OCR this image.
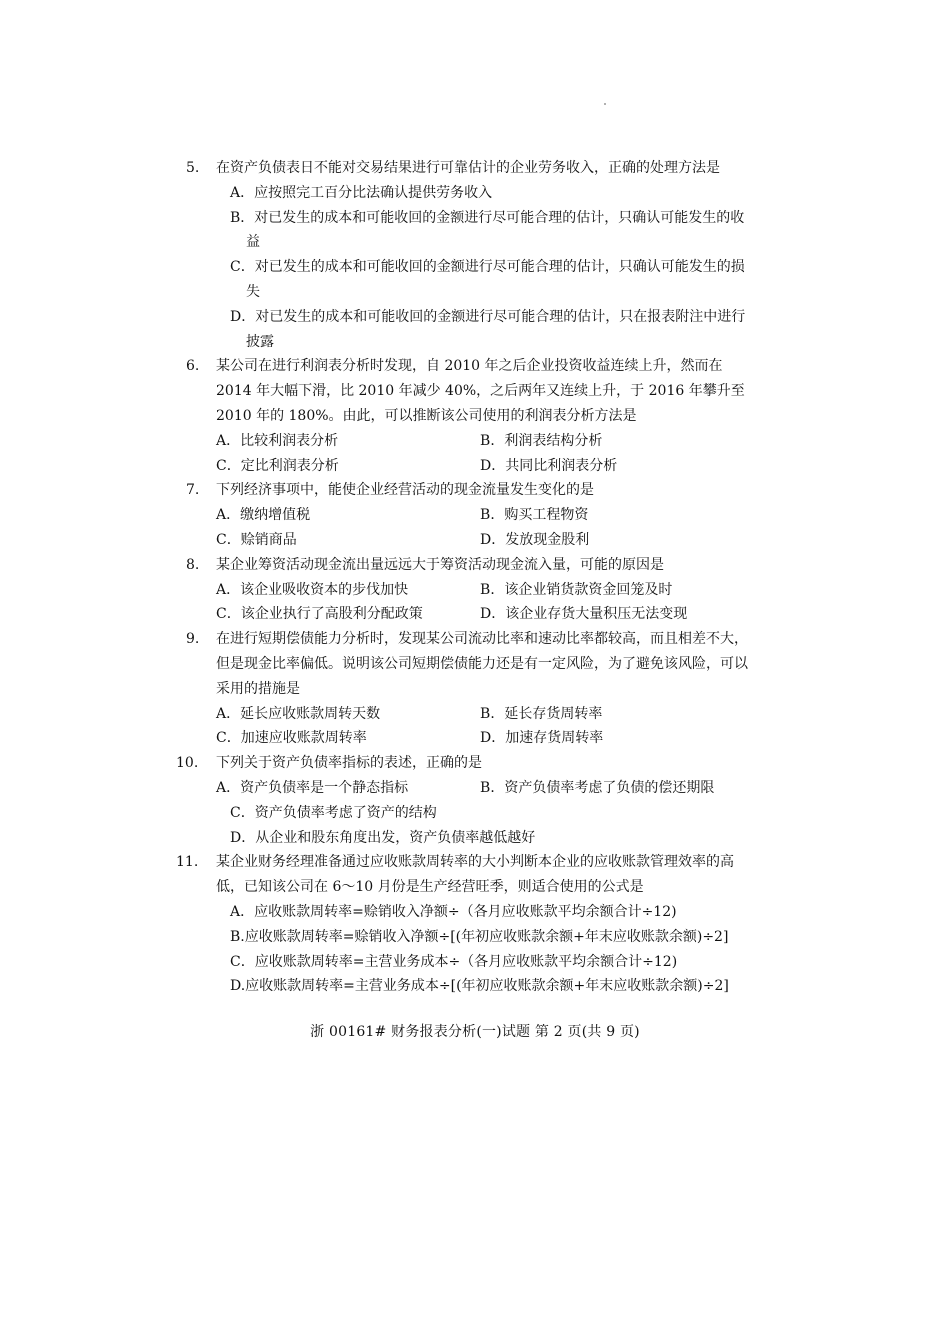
5.	在资产负债表日不能对交易结果进行可靠估计的企业劳务收入，正确的处理方法是
A．应按照完工百分比法确认提供劳务收入
B．对已发生的成本和可能收回的金额进行尽可能合理的估计，只确认可能发生的收益
C．对已发生的成本和可能收回的金额进行尽可能合理的估计，只确认可能发生的损失
D．对已发生的成本和可能收回的金额进行尽可能合理的估计，只在报表附注中进行披露
6.	某公司在进行利润表分析时发现，自 2010 年之后企业投资收益连续上升，然而在 2014 年大幅下滑，比 2010 年减少 40%，之后两年又连续上升，于 2016 年攀升至 2010 年的 180%。由此，可以推断该公司使用的利润表分析方法是
A．比较利润表分析	B．利润表结构分析
C．定比利润表分析	D．共同比利润表分析
7.	下列经济事项中，能使企业经营活动的现金流量发生变化的是
A．缴纳增值税	B．购买工程物资
C．赊销商品	D．发放现金股利
8.	某企业筹资活动现金流出量远远大于筹资活动现金流入量，可能的原因是
A．该企业吸收资本的步伐加快	B．该企业销货款资金回笼及时
C．该企业执行了高股利分配政策	D．该企业存货大量积压无法变现
9.	在进行短期偿债能力分析时，发现某公司流动比率和速动比率都较高，而且相差不大，但是现金比率偏低。说明该公司短期偿债能力还是有一定风险，为了避免该风险，可以采用的措施是
A．延长应收账款周转天数	B．延长存货周转率
C．加速应收账款周转率	D．加速存货周转率
10.	下列关于资产负债率指标的表述，正确的是
A．资产负债率是一个静态指标	B．资产负债率考虑了负债的偿还期限
C．资产负债率考虑了资产的结构
D．从企业和股东角度出发，资产负债率越低越好
11.	某企业财务经理准备通过应收账款周转率的大小判断本企业的应收账款管理效率的高低，已知该公司在 6～10 月份是生产经营旺季，则适合使用的公式是
A．应收账款周转率=赊销收入净额÷（各月应收账款平均余额合计÷12)
B.应收账款周转率=赊销收入净额÷[(年初应收账款余额+年末应收账款余额)÷2]
C．应收账款周转率=主营业务成本÷（各月应收账款平均余额合计÷12)
D.应收账款周转率=主营业务成本÷[(年初应收账款余额+年末应收账款余额)÷2]
浙 00161# 财务报表分析(一)试题 第 2 页(共 9 页)
